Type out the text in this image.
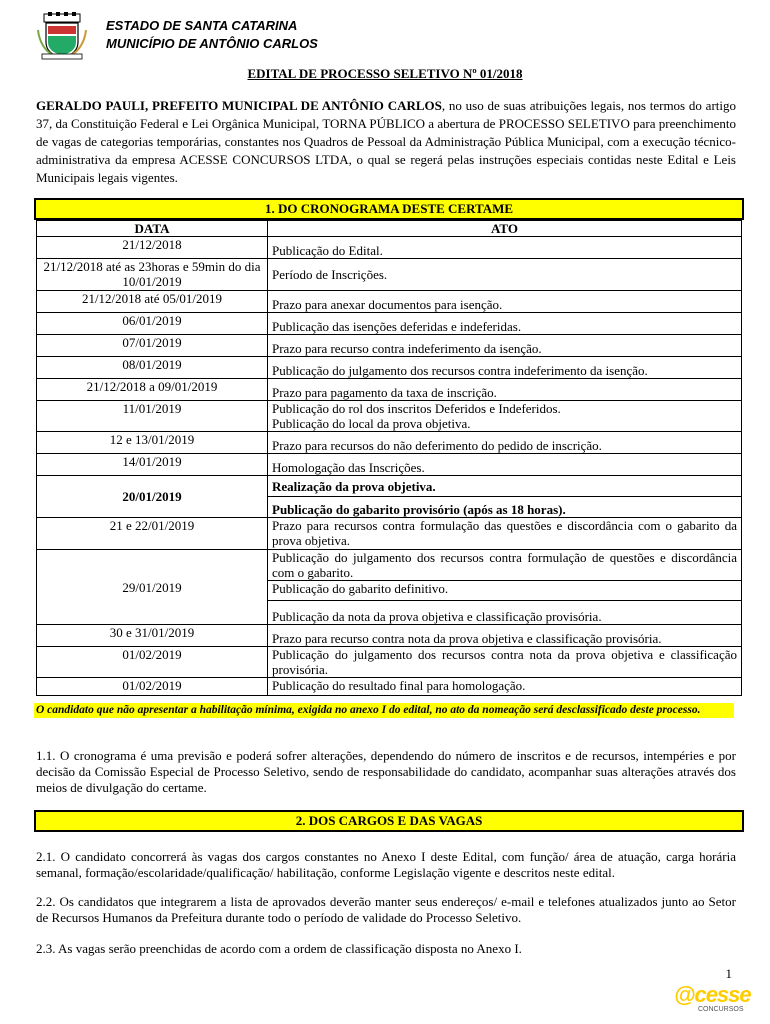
ESTADO DE SANTA CATARINA
MUNICÍPIO DE ANTÔNIO CARLOS
EDITAL DE PROCESSO SELETIVO Nº 01/2018
GERALDO PAULI, PREFEITO MUNICIPAL DE ANTÔNIO CARLOS, no uso de suas atribuições legais, nos termos do artigo 37, da Constituição Federal e Lei Orgânica Municipal, TORNA PÚBLICO a abertura de PROCESSO SELETIVO para preenchimento de vagas de categorias temporárias, constantes nos Quadros de Pessoal da Administração Pública Municipal, com a execução técnico-administrativa da empresa ACESSE CONCURSOS LTDA, o qual se regerá pelas instruções especiais contidas neste Edital e Leis Municipais legais vigentes.
1. DO CRONOGRAMA DESTE CERTAME
DATA	ATO
21/12/2018	Publicação do Edital.
21/12/2018 até as 23horas e 59min do dia 10/01/2019	Período de Inscrições.
21/12/2018 até 05/01/2019	Prazo para anexar documentos para isenção.
06/01/2019	Publicação das isenções deferidas e indeferidas.
07/01/2019	Prazo para recurso contra indeferimento da isenção.
08/01/2019	Publicação do julgamento dos recursos contra indeferimento da isenção.
21/12/2018 a 09/01/2019	Prazo para pagamento da taxa de inscrição.
11/01/2019	Publicação do rol dos inscritos Deferidos e Indeferidos.
Publicação do local da prova objetiva.

12 e 13/01/2019	Prazo para recursos do não deferimento do pedido de inscrição.
14/01/2019	Homologação das Inscrições.
20/01/2019	Realização da prova objetiva.
	Publicação do gabarito provisório (após as 18 horas).
21 e 22/01/2019	Prazo para recursos contra formulação das questões e discordância com o gabarito da prova objetiva.
29/01/2019	Publicação do julgamento dos recursos contra formulação de questões e discordância com o gabarito.
	Publicação do gabarito definitivo.
	Publicação da nota da prova objetiva e classificação provisória.
30 e 31/01/2019	Prazo para recurso contra nota da prova objetiva e classificação provisória.
01/02/2019	Publicação do julgamento dos recursos contra nota da prova objetiva e classificação provisória.
01/02/2019	Publicação do resultado final para homologação.
O candidato que não apresentar a habilitação mínima, exigida no anexo I do edital, no ato da nomeação será desclassificado deste processo.
1.1. O cronograma é uma previsão e poderá sofrer alterações, dependendo do número de inscritos e de recursos, intempéries e por decisão da Comissão Especial de Processo Seletivo, sendo de responsabilidade do candidato, acompanhar suas alterações através dos meios de divulgação do certame.
2. DOS CARGOS E DAS VAGAS
2.1. O candidato concorrerá às vagas dos cargos constantes no Anexo I deste Edital, com função/ área de atuação, carga horária semanal, formação/escolaridade/qualificação/ habilitação, conforme Legislação vigente e descritos neste edital.
2.2. Os candidatos que integrarem a lista de aprovados deverão manter seus endereços/ e-mail e telefones atualizados junto ao Setor de Recursos Humanos da Prefeitura durante todo o período de validade do Processo Seletivo.
2.3. As vagas serão preenchidas de acordo com a ordem de classificação disposta no Anexo I.
1
@cesse
CONCURSOS
